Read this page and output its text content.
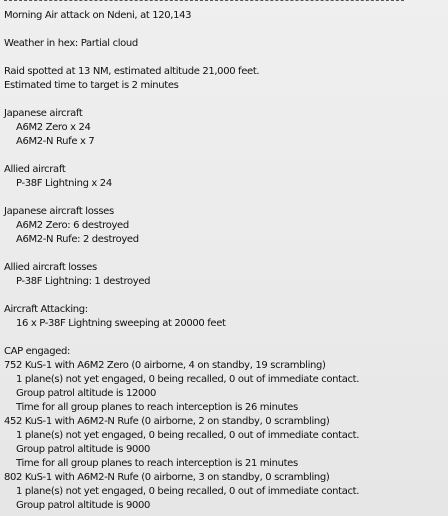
Morning Air attack on Ndeni, at 120,143
Weather in hex: Partial cloud
Raid spotted at 13 NM, estimated altitude 21,000 feet.
Estimated time to target is 2 minutes
Japanese aircraft
A6M2 Zero x 24
A6M2-N Rufe x 7
Allied aircraft
P-38F Lightning x 24
Japanese aircraft losses
A6M2 Zero: 6 destroyed
A6M2-N Rufe: 2 destroyed
Allied aircraft losses
P-38F Lightning: 1 destroyed
Aircraft Attacking:
16 x P-38F Lightning sweeping at 20000 feet
CAP engaged:
752 KuS-1 with A6M2 Zero (0 airborne, 4 on standby, 19 scrambling)
1 plane(s) not yet engaged, 0 being recalled, 0 out of immediate contact.
Group patrol altitude is 12000
Time for all group planes to reach interception is 26 minutes
452 KuS-1 with A6M2-N Rufe (0 airborne, 2 on standby, 0 scrambling)
1 plane(s) not yet engaged, 0 being recalled, 0 out of immediate contact.
Group patrol altitude is 9000
Time for all group planes to reach interception is 21 minutes
802 KuS-1 with A6M2-N Rufe (0 airborne, 3 on standby, 0 scrambling)
1 plane(s) not yet engaged, 0 being recalled, 0 out of immediate contact.
Group patrol altitude is 9000
